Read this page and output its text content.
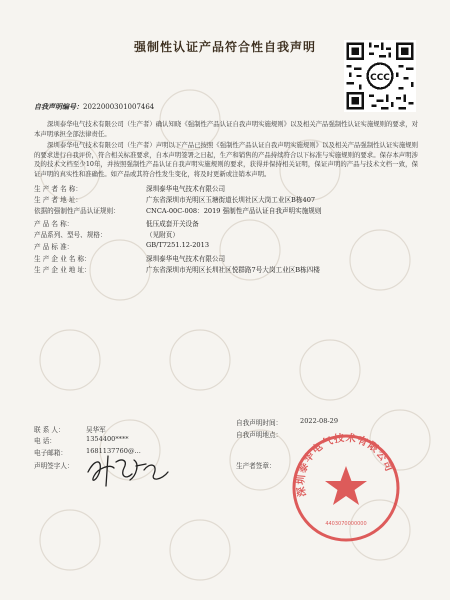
强制性认证产品符合性自我声明
CCC
自我声明编号：2022000301007464
深圳泰华电气技术有限公司（生产者）确认知晓《强制性产品认证自我声明实施规则》以及相关产品强制性认证实施规则的要求，对本声明承担全部法律责任。
深圳泰华电气技术有限公司（生产者）声明以下产品已按照《强制性产品认证自我声明实施规则》以及相关产品强制性认证实施规则的要求进行自我评价，符合相关标准要求，自本声明签署之日起，生产和销售的产品持续符合以下标准与实施规则的要求。保存本声明涉及的技术文档至少10年，并按照强制性产品认证自我声明实施规则的要求，获得并保持相关证明，保证声明的产品与技术文档一致，保证声明的真实性和准确性。如产品或其符合性发生变化，将及时更新或注销本声明。
生 产 者 名 称：	深圳泰华电气技术有限公司
生 产 者 地 址：	广东省深圳市光明区玉塘街道长圳社区大岗工业区B栋407
依据的强制性产品认证规则：	CNCA-00C-008：2019 强制性产品认证自我声明实施规则
产 品 名 称：	低压成套开关设备
产品系列、型号、规格：	（见附页）
产 品 标 准：	GB/T7251.12-2013
生 产 企 业 名 称：	深圳泰华电气技术有限公司
生 产 企 业 地 址：	广东省深圳市光明区长圳社区悦群路7号大岗工业区B栋四楼
联 系 人：	吴华军
电 话：	1354400****
电子邮箱：	1681137760@...
声明签字人：
自我声明时间：	2022-08-29
自我声明地点：
生产者签章：
深圳泰华电气技术有限公司
4403070000000
